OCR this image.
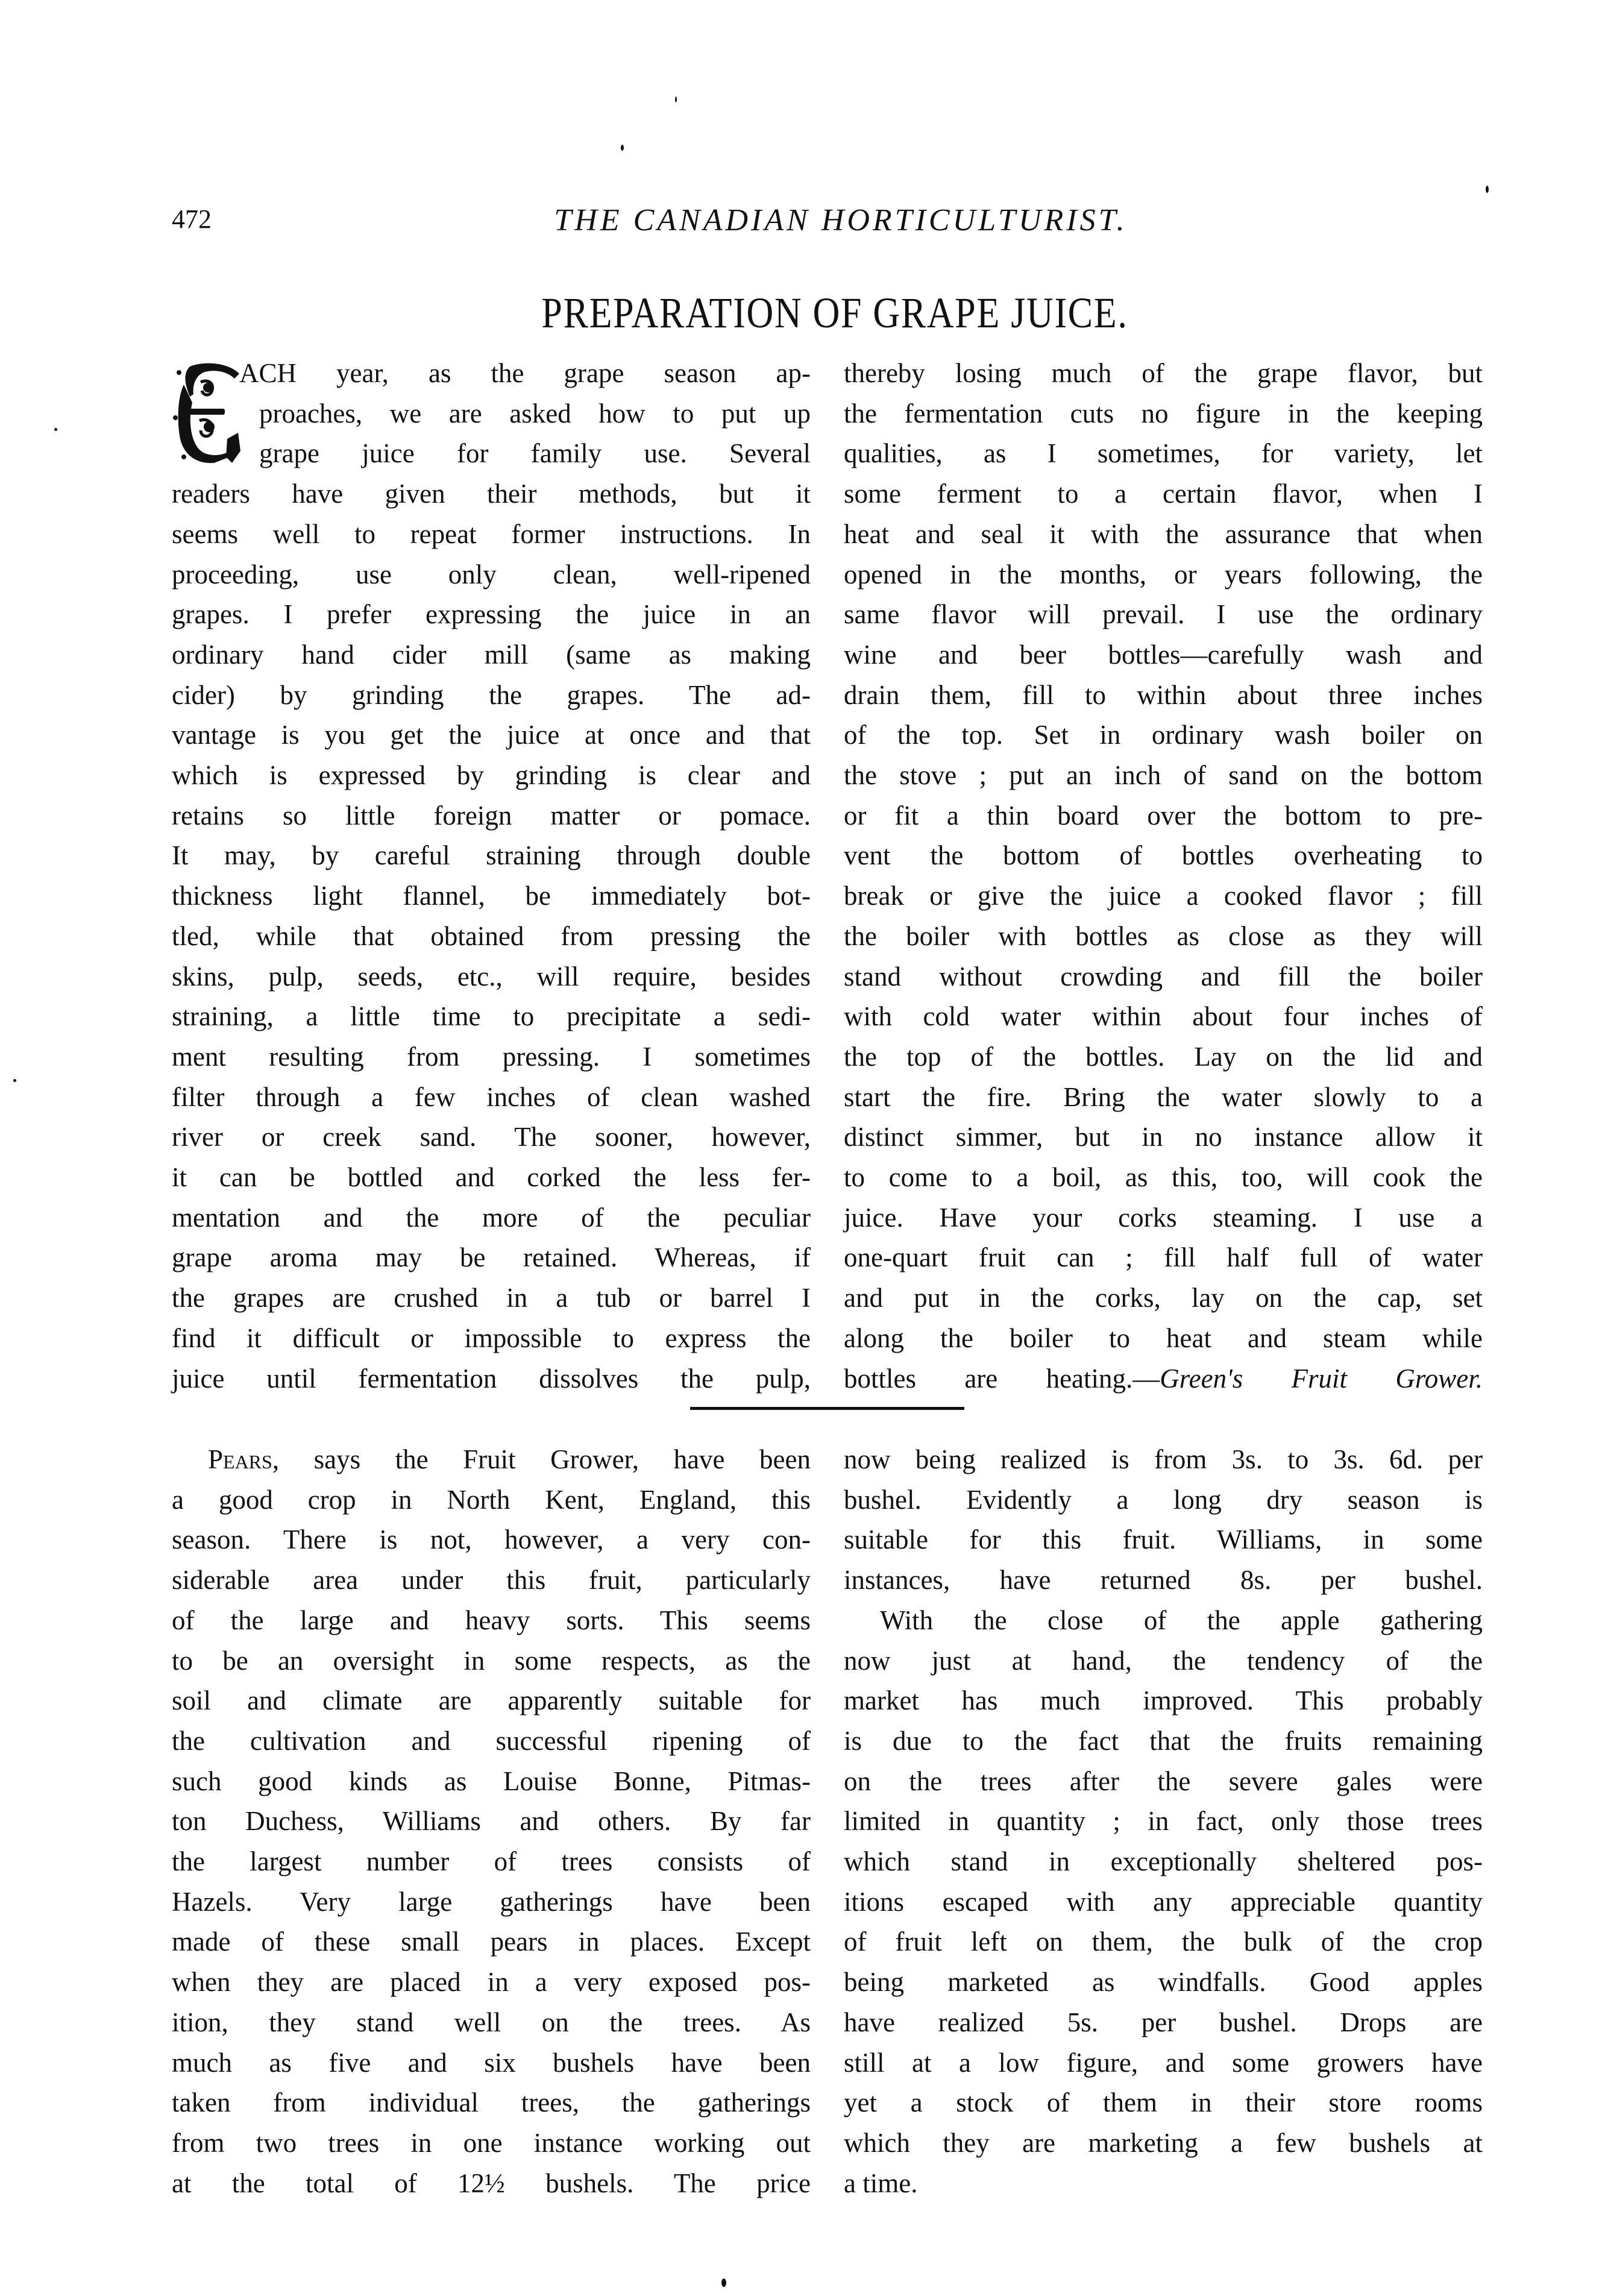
472	THE CANADIAN HORTICULTURIST.
PREPARATION OF GRAPE JUICE.
ACH year, as the grape season ap-
proaches, we are asked how to put up
grape juice for family use. Several
readers have given their methods, but it
seems well to repeat former instructions. In
proceeding, use only clean, well-ripened
grapes. I prefer expressing the juice in an
ordinary hand cider mill (same as making
cider) by grinding the grapes. The ad-
vantage is you get the juice at once and that
which is expressed by grinding is clear and
retains so little foreign matter or pomace.
It may, by careful straining through double
thickness light flannel, be immediately bot-
tled, while that obtained from pressing the
skins, pulp, seeds, etc., will require, besides
straining, a little time to precipitate a sedi-
ment resulting from pressing. I sometimes
filter through a few inches of clean washed
river or creek sand. The sooner, however,
it can be bottled and corked the less fer-
mentation and the more of the peculiar
grape aroma may be retained. Whereas, if
the grapes are crushed in a tub or barrel I
find it difficult or impossible to express the
juice until fermentation dissolves the pulp,
thereby losing much of the grape flavor, but
the fermentation cuts no figure in the keeping
qualities, as I sometimes, for variety, let
some ferment to a certain flavor, when I
heat and seal it with the assurance that when
opened in the months, or years following, the
same flavor will prevail. I use the ordinary
wine and beer bottles—carefully wash and
drain them, fill to within about three inches
of the top. Set in ordinary wash boiler on
the stove ; put an inch of sand on the bottom
or fit a thin board over the bottom to pre-
vent the bottom of bottles overheating to
break or give the juice a cooked flavor ; fill
the boiler with bottles as close as they will
stand without crowding and fill the boiler
with cold water within about four inches of
the top of the bottles. Lay on the lid and
start the fire. Bring the water slowly to a
distinct simmer, but in no instance allow it
to come to a boil, as this, too, will cook the
juice. Have your corks steaming. I use a
one-quart fruit can ; fill half full of water
and put in the corks, lay on the cap, set
along the boiler to heat and steam while
bottles are heating.—Green's Fruit Grower.
Pears, says the Fruit Grower, have been
a good crop in North Kent, England, this
season. There is not, however, a very con-
siderable area under this fruit, particularly
of the large and heavy sorts. This seems
to be an oversight in some respects, as the
soil and climate are apparently suitable for
the cultivation and successful ripening of
such good kinds as Louise Bonne, Pitmas-
ton Duchess, Williams and others. By far
the largest number of trees consists of
Hazels. Very large gatherings have been
made of these small pears in places. Except
when they are placed in a very exposed pos-
ition, they stand well on the trees. As
much as five and six bushels have been
taken from individual trees, the gatherings
from two trees in one instance working out
at the total of 12½ bushels. The price
now being realized is from 3s. to 3s. 6d. per
bushel. Evidently a long dry season is
suitable for this fruit. Williams, in some
instances, have returned 8s. per bushel.
With the close of the apple gathering
now just at hand, the tendency of the
market has much improved. This probably
is due to the fact that the fruits remaining
on the trees after the severe gales were
limited in quantity ; in fact, only those trees
which stand in exceptionally sheltered pos-
itions escaped with any appreciable quantity
of fruit left on them, the bulk of the crop
being marketed as windfalls. Good apples
have realized 5s. per bushel. Drops are
still at a low figure, and some growers have
yet a stock of them in their store rooms
which they are marketing a few bushels at
a time.
